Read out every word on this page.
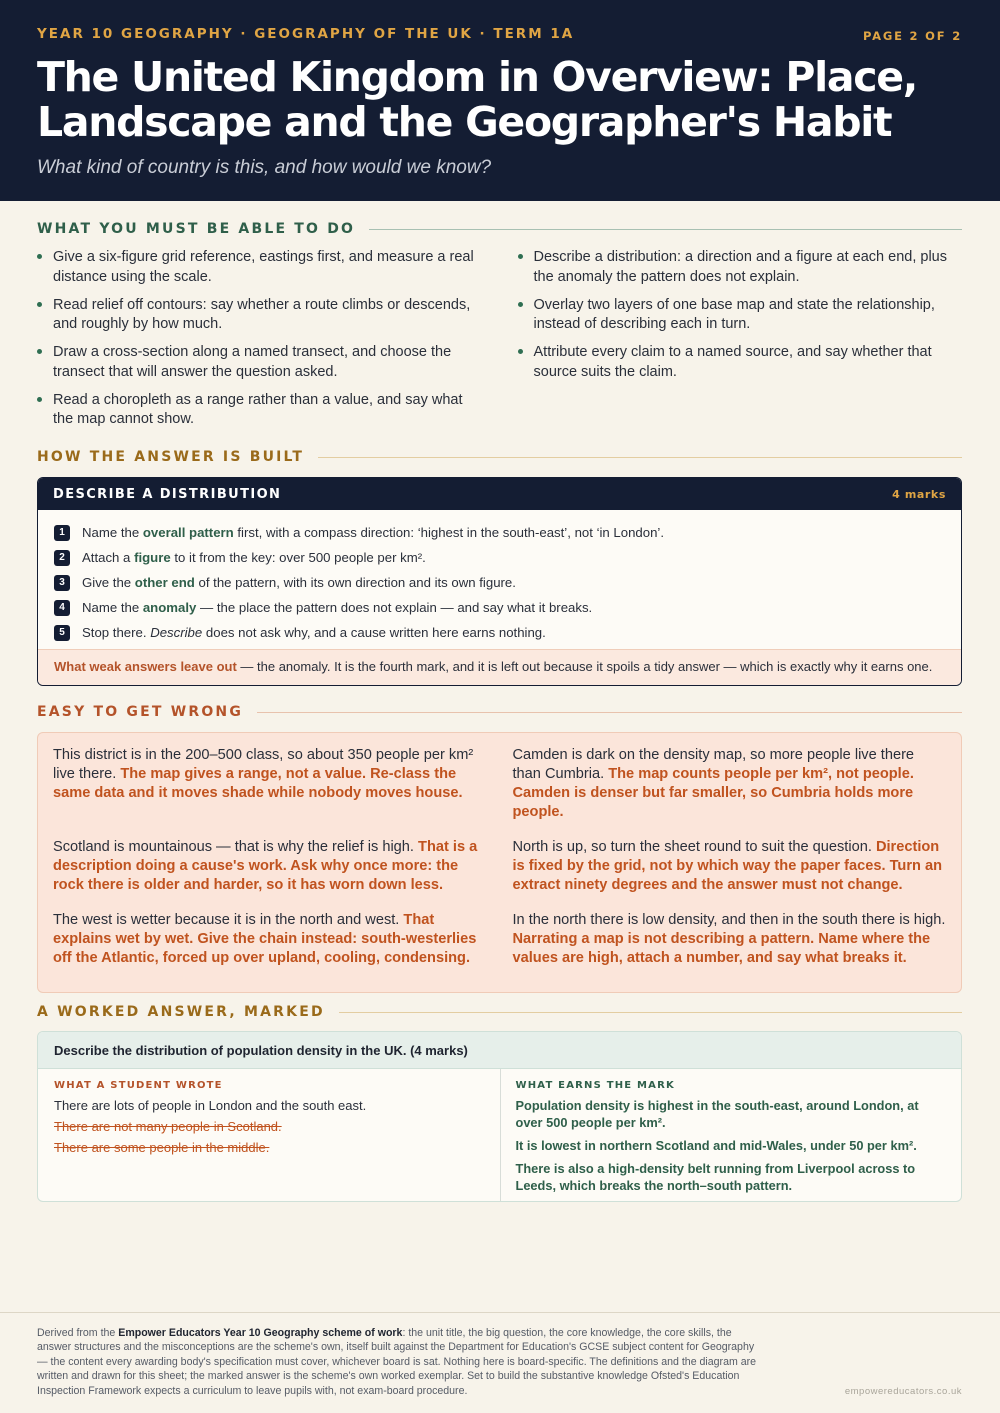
YEAR 10 GEOGRAPHY · GEOGRAPHY OF THE UK · TERM 1A	PAGE 2 OF 2
The United Kingdom in Overview: Place,
Landscape and the Geographer's Habit
What kind of country is this, and how would we know?
WHAT YOU MUST BE ABLE TO DO
Give a six-figure grid reference, eastings first, and measure a real distance using the scale.
Read relief off contours: say whether a route climbs or descends, and roughly by how much.
Draw a cross-section along a named transect, and choose the transect that will answer the question asked.
Read a choropleth as a range rather than a value, and say what the map cannot show.
Describe a distribution: a direction and a figure at each end, plus the anomaly the pattern does not explain.
Overlay two layers of one base map and state the relationship, instead of describing each in turn.
Attribute every claim to a named source, and say whether that source suits the claim.
HOW THE ANSWER IS BUILT
DESCRIBE A DISTRIBUTION	4 marks
1	Name the overall pattern first, with a compass direction: ‘highest in the south-east’, not ‘in London’.
2	Attach a figure to it from the key: over 500 people per km².
3	Give the other end of the pattern, with its own direction and its own figure.
4	Name the anomaly — the place the pattern does not explain — and say what it breaks.
5	Stop there. Describe does not ask why, and a cause written here earns nothing.
What weak answers leave out — the anomaly. It is the fourth mark, and it is left out because it spoils a tidy answer — which is exactly why it earns one.
EASY TO GET WRONG
This district is in the 200–500 class, so about 350 people per km² live there. The map gives a range, not a value. Re-class the same data and it moves shade while nobody moves house.
Camden is dark on the density map, so more people live there than Cumbria. The map counts people per km², not people. Camden is denser but far smaller, so Cumbria holds more people.
Scotland is mountainous — that is why the relief is high. That is a description doing a cause's work. Ask why once more: the rock there is older and harder, so it has worn down less.
North is up, so turn the sheet round to suit the question. Direction is fixed by the grid, not by which way the paper faces. Turn an extract ninety degrees and the answer must not change.
The west is wetter because it is in the north and west. That explains wet by wet. Give the chain instead: south-westerlies off the Atlantic, forced up over upland, cooling, condensing.
In the north there is low density, and then in the south there is high. Narrating a map is not describing a pattern. Name where the values are high, attach a number, and say what breaks it.
A WORKED ANSWER, MARKED
Describe the distribution of population density in the UK. (4 marks)
WHAT A STUDENT WROTE
There are lots of people in London and the south east.
There are not many people in Scotland.
There are some people in the middle.
WHAT EARNS THE MARK
Population density is highest in the south-east, around London, at over 500 people per km².
It is lowest in northern Scotland and mid-Wales, under 50 per km².
There is also a high-density belt running from Liverpool across to Leeds, which breaks the north–south pattern.
Derived from the Empower Educators Year 10 Geography scheme of work: the unit title, the big question, the core knowledge, the core skills, the answer structures and the misconceptions are the scheme's own, itself built against the Department for Education's GCSE subject content for Geography — the content every awarding body's specification must cover, whichever board is sat. Nothing here is board-specific. The definitions and the diagram are written and drawn for this sheet; the marked answer is the scheme's own worked exemplar. Set to build the substantive knowledge Ofsted's Education Inspection Framework expects a curriculum to leave pupils with, not exam-board procedure.	empowereducators.co.uk
